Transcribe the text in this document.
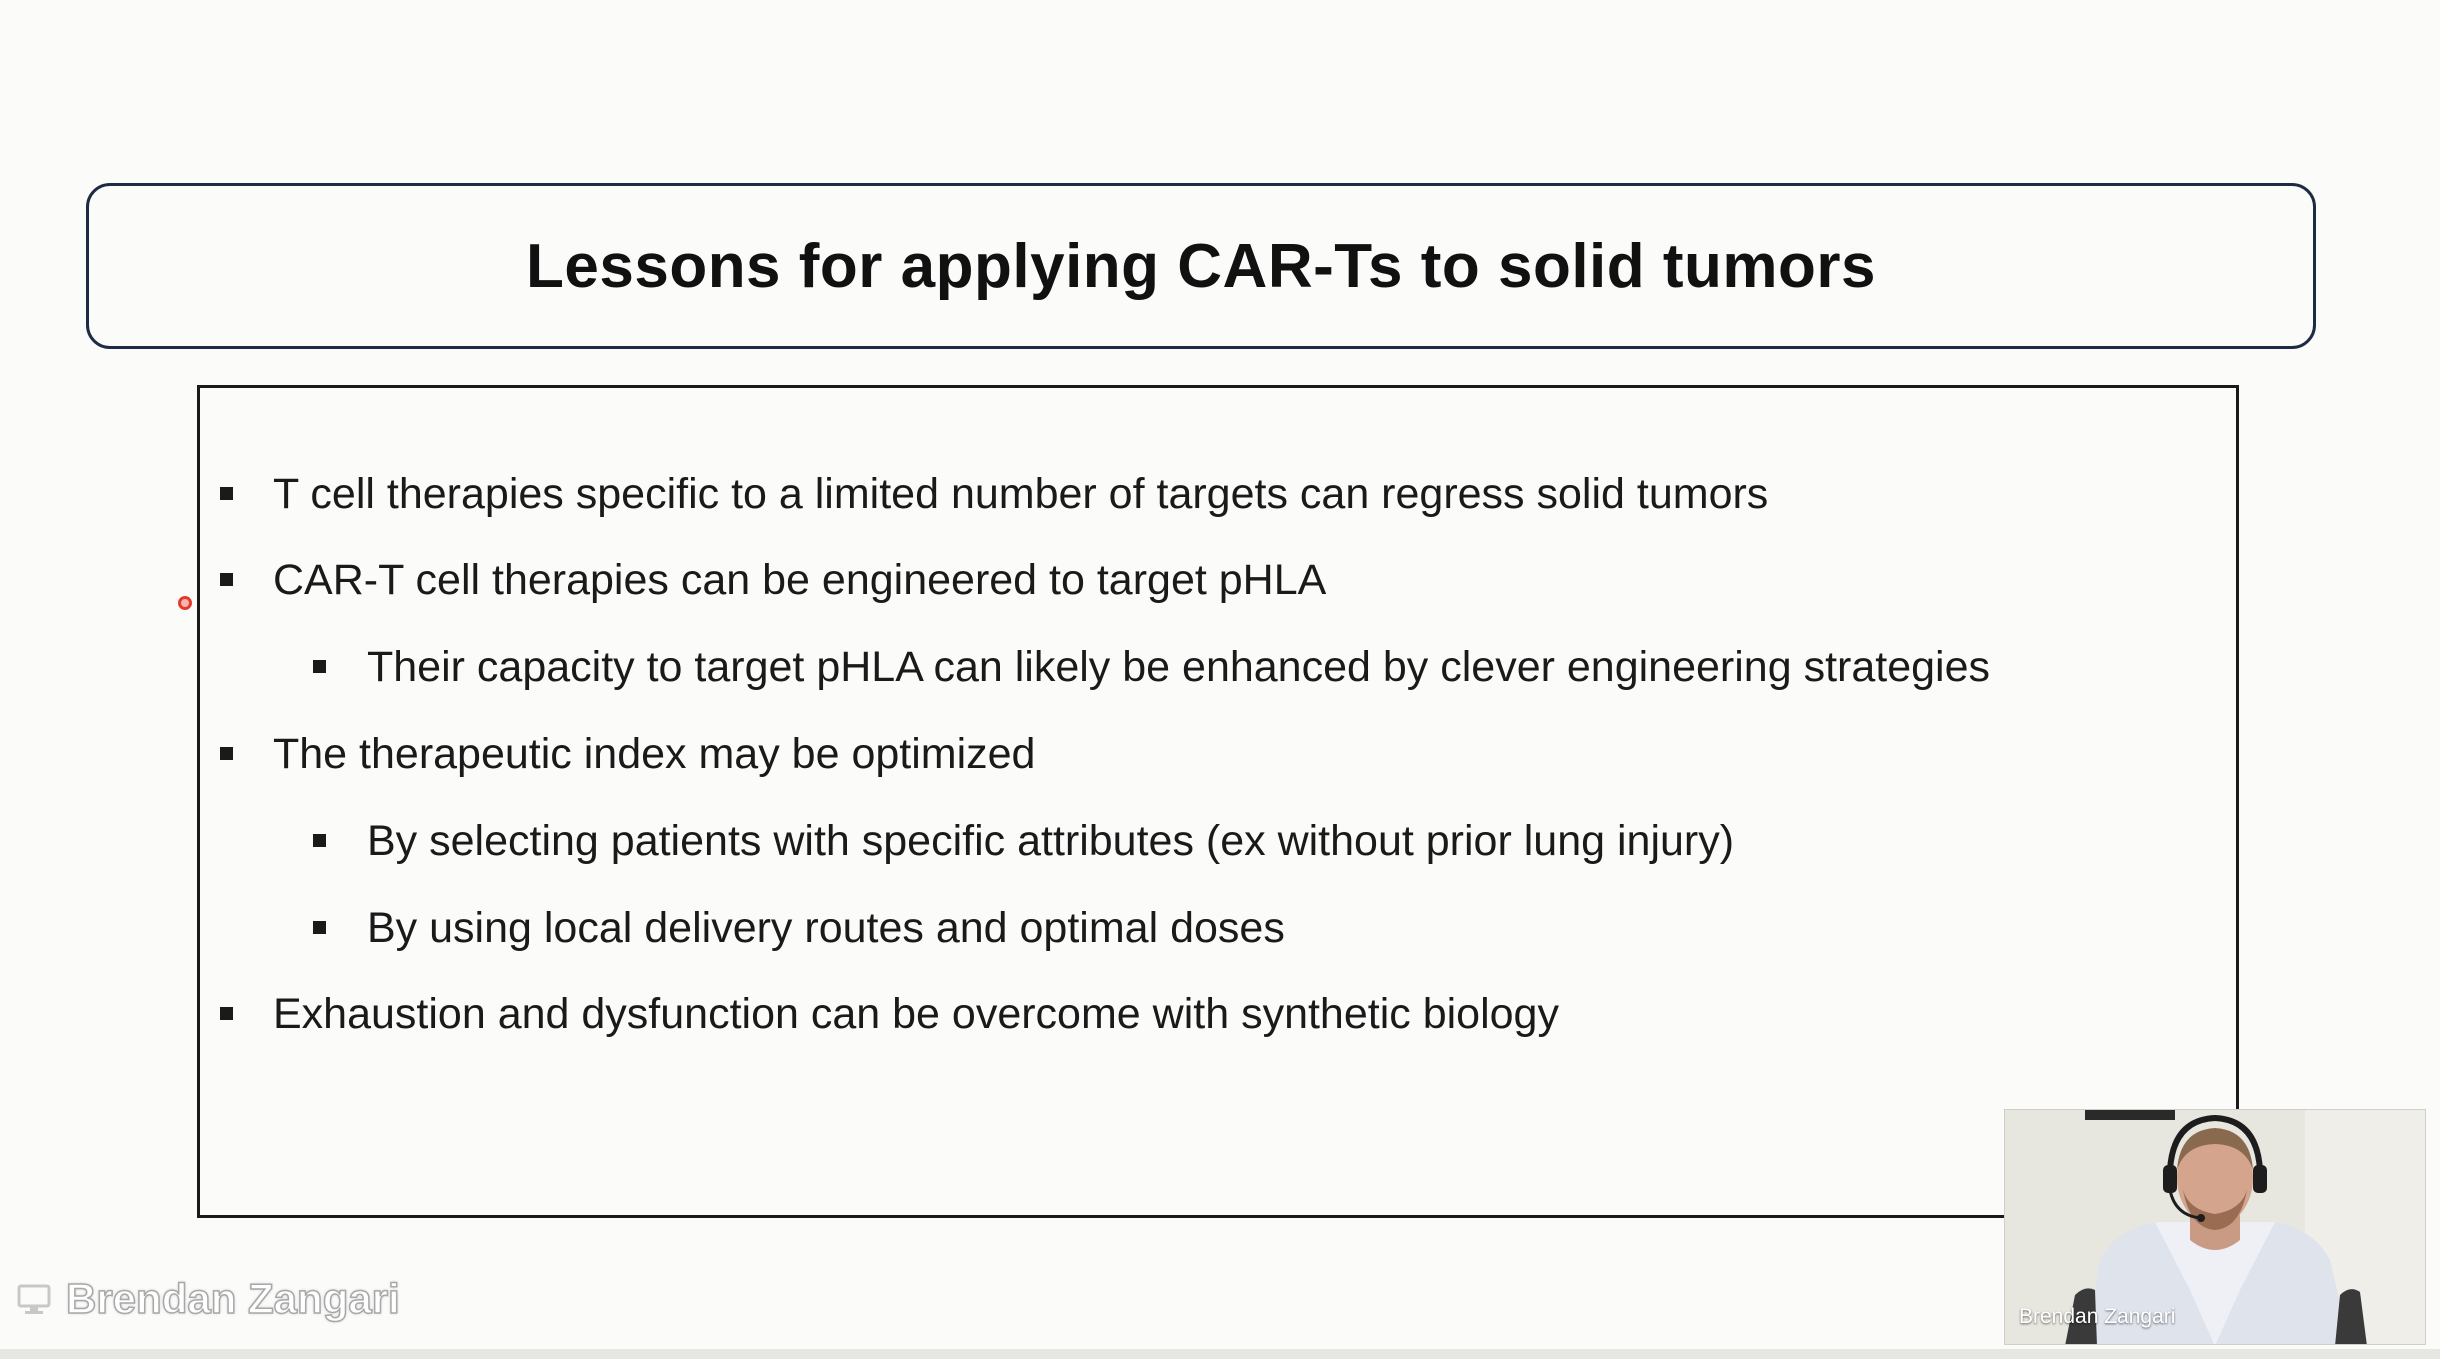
Lessons for applying CAR-Ts to solid tumors
T cell therapies specific to a limited number of targets can regress solid tumors
CAR-T cell therapies can be engineered to target pHLA
Their capacity to target pHLA can likely be enhanced by clever engineering strategies
The therapeutic index may be optimized
By selecting patients with specific attributes (ex without prior lung injury)
By using local delivery routes and optimal doses
Exhaustion and dysfunction can be overcome with synthetic biology
Brendan Zangari	Brendan Zangari
